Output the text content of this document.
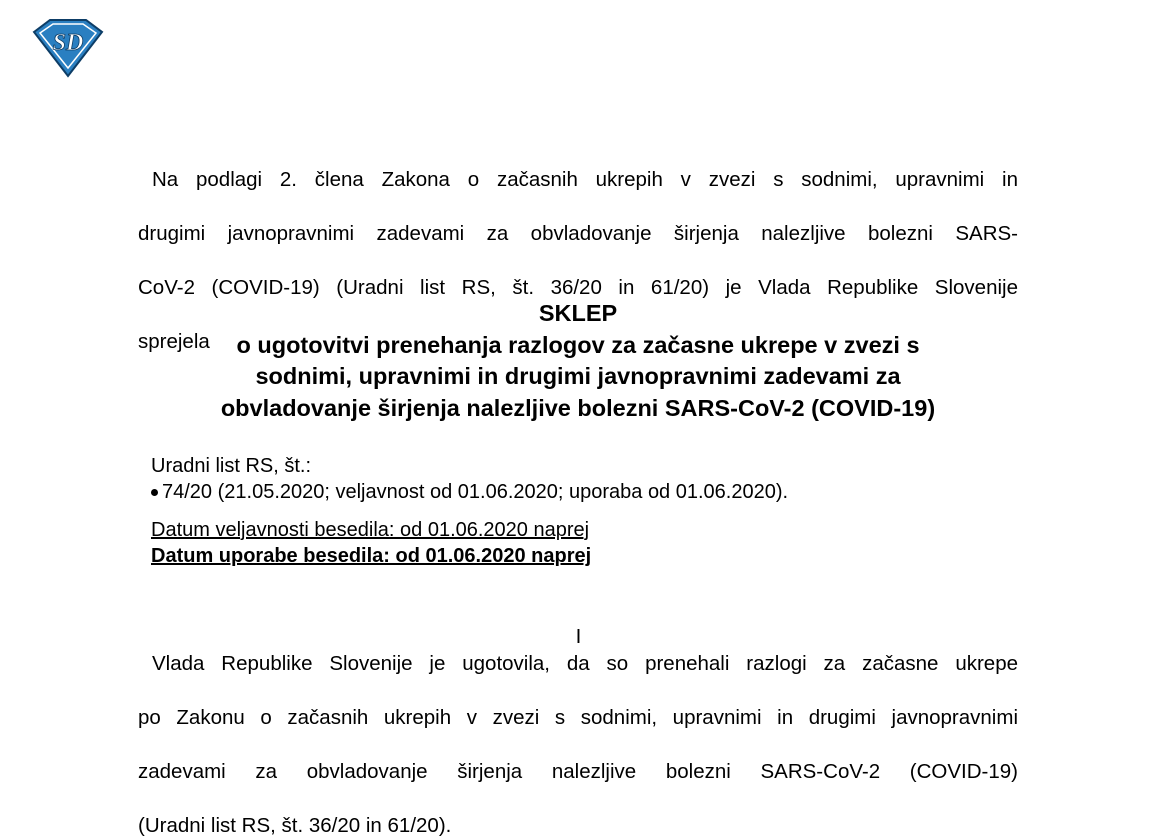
SD
Na podlagi 2. člena Zakona o začasnih ukrepih v zvezi s sodnimi, upravnimi in
drugimi javnopravnimi zadevami za obvladovanje širjenja nalezljive bolezni SARS-
CoV-2 (COVID-19) (Uradni list RS, št. 36/20 in 61/20) je Vlada Republike Slovenije
sprejela
SKLEP
o ugotovitvi prenehanja razlogov za začasne ukrepe v zvezi s
sodnimi, upravnimi in drugimi javnopravnimi zadevami za
obvladovanje širjenja nalezljive bolezni SARS-CoV-2 (COVID-19)
Uradni list RS, št.:
74/20 (21.05.2020; veljavnost od 01.06.2020; uporaba od 01.06.2020).
Datum veljavnosti besedila: od 01.06.2020 naprej
Datum uporabe besedila: od 01.06.2020 naprej
I
Vlada Republike Slovenije je ugotovila, da so prenehali razlogi za začasne ukrepe
po Zakonu o začasnih ukrepih v zvezi s sodnimi, upravnimi in drugimi javnopravnimi
zadevami za obvladovanje širjenja nalezljive bolezni SARS-CoV-2 (COVID-19)
(Uradni list RS, št. 36/20 in 61/20).
